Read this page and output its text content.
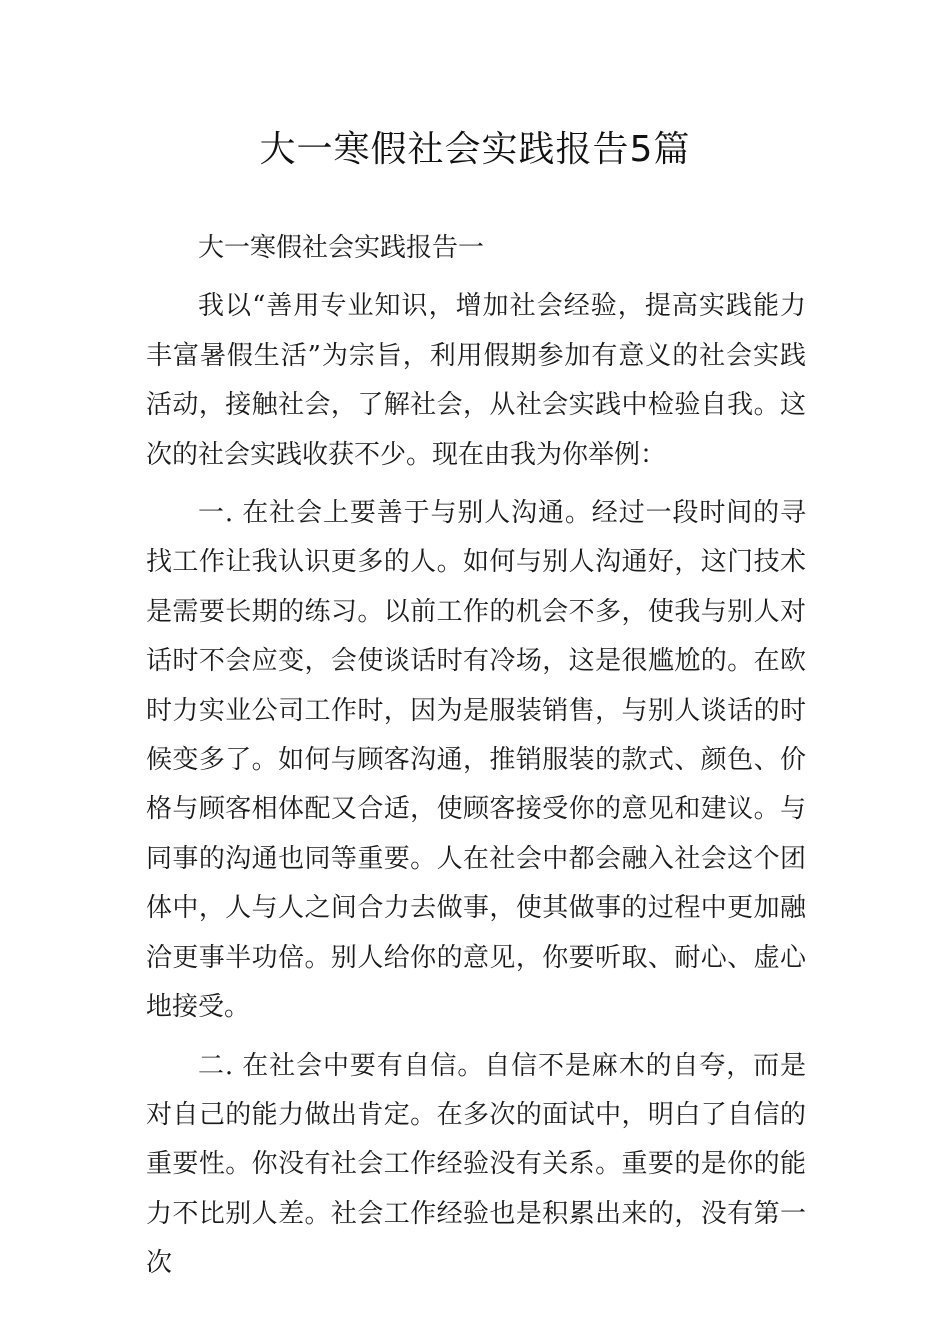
大一寒假社会实践报告5篇

大一寒假社会实践报告一

我以“善用专业知识，增加社会经验，提高实践能力丰富暑假生活”为宗旨，利用假期参加有意义的社会实践活动，接触社会，了解社会，从社会实践中检验自我。这次的社会实践收获不少。现在由我为你举例：

一. 在社会上要善于与别人沟通。经过一段时间的寻找工作让我认识更多的人。如何与别人沟通好，这门技术是需要长期的练习。以前工作的机会不多，使我与别人对话时不会应变，会使谈话时有冷场，这是很尴尬的。在欧时力实业公司工作时，因为是服装销售，与别人谈话的时候变多了。如何与顾客沟通，推销服装的款式、颜色、价格与顾客相体配又合适，使顾客接受你的意见和建议。与同事的沟通也同等重要。人在社会中都会融入社会这个团体中，人与人之间合力去做事，使其做事的过程中更加融洽更事半功倍。别人给你的意见，你要听取、耐心、虚心地接受。

二. 在社会中要有自信。自信不是麻木的自夸，而是对自己的能力做出肯定。在多次的面试中，明白了自信的重要性。你没有社会工作经验没有关系。重要的是你的能力不比别人差。社会工作经验也是积累出来的，没有第一次
